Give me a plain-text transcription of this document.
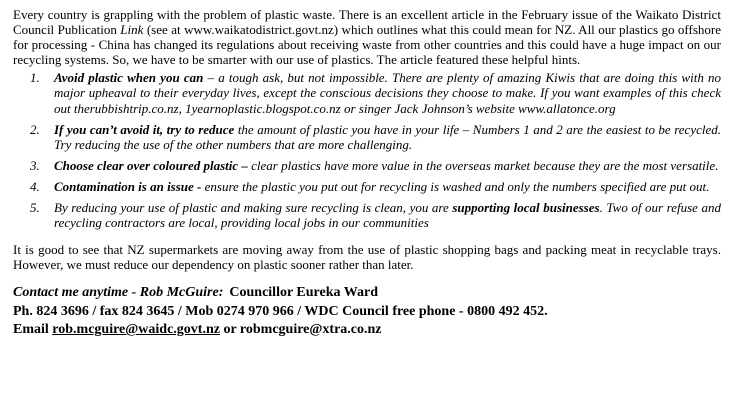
Every country is grappling with the problem of plastic waste. There is an excellent article in the February issue of the Waikato District Council Publication Link (see at www.waikatodistrict.govt.nz) which outlines what this could mean for NZ. All our plastics go offshore for processing - China has changed its regulations about receiving waste from other countries and this could have a huge impact on our recycling systems. So, we have to be smarter with our use of plastics. The article featured these helpful hints.

1.	Avoid plastic when you can – a tough ask, but not impossible. There are plenty of amazing Kiwis that are doing this with no major upheaval to their everyday lives, except the conscious decisions they choose to make. If you want examples of this check out therubbishtrip.co.nz, 1yearnoplastic.blogspot.co.nz or singer Jack Johnson’s website www.allatonce.org
2.	If you can’t avoid it, try to reduce the amount of plastic you have in your life – Numbers 1 and 2 are the easiest to be recycled. Try reducing the use of the other numbers that are more challenging.
3.	Choose clear over coloured plastic – clear plastics have more value in the overseas market because they are the most versatile.
4.	Contamination is an issue - ensure the plastic you put out for recycling is washed and only the numbers specified are put out.
5.	By reducing your use of plastic and making sure recycling is clean, you are supporting local businesses. Two of our refuse and recycling contractors are local, providing local jobs in our communities

It is good to see that NZ supermarkets are moving away from the use of plastic shopping bags and packing meat in recyclable trays. However, we must reduce our dependency on plastic sooner rather than later.

Contact me anytime - Rob McGuire: Councillor Eureka Ward

Ph. 824 3696 / fax 824 3645 / Mob 0274 970 966 / WDC Council free phone - 0800 492 452.

Email rob.mcguire@waidc.govt.nz or robmcguire@xtra.co.nz
